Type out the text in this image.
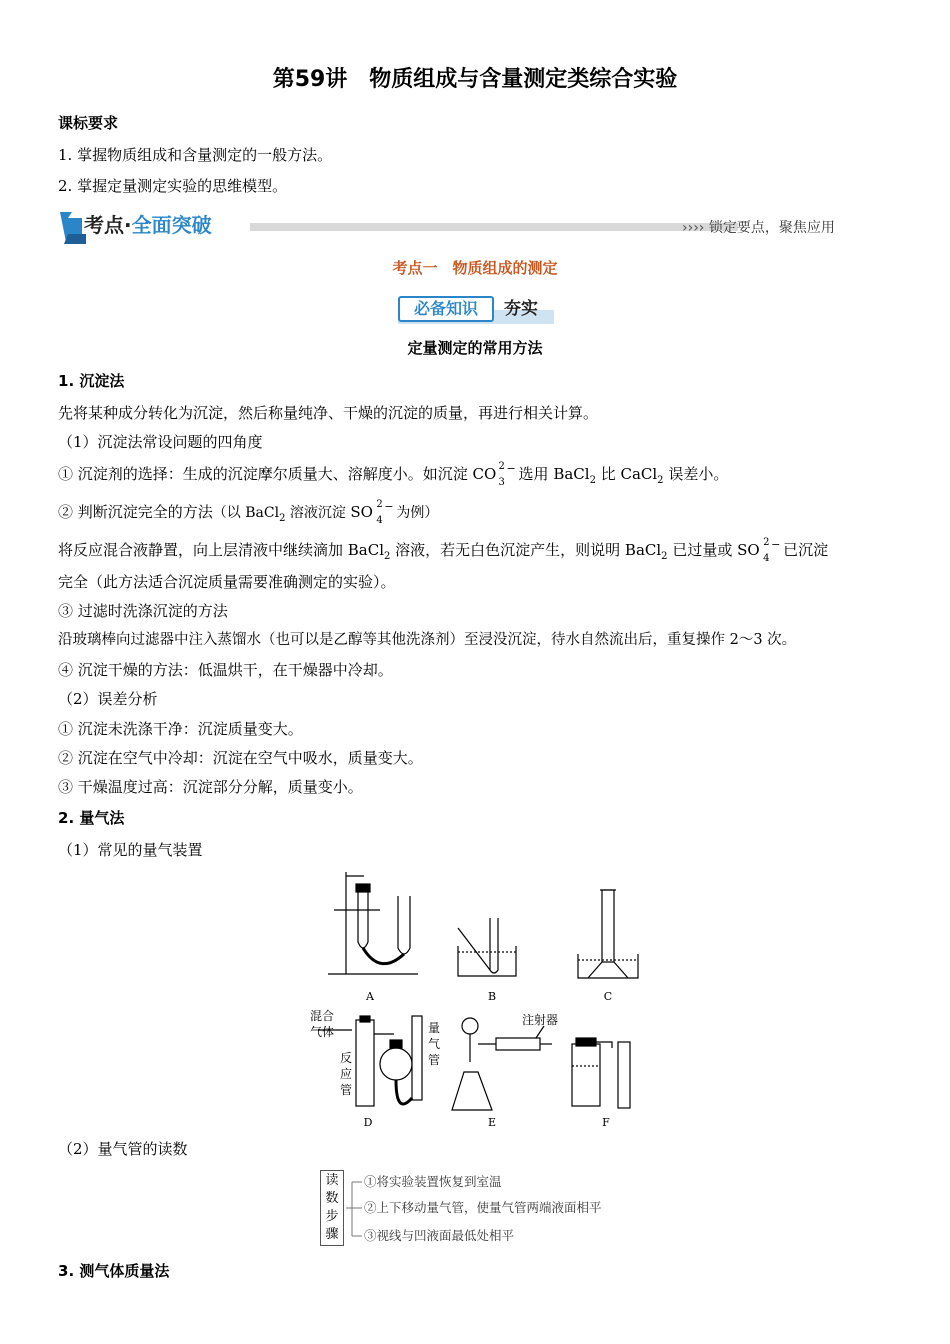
第59讲　物质组成与含量测定类综合实验
课标要求
1. 掌握物质组成和含量测定的一般方法。
2. 掌握定量测定实验的思维模型。
考点·全面突破	›››› 锁定要点，聚焦应用
考点一　物质组成的测定
必备知识	夯实
定量测定的常用方法
1. 沉淀法
先将某种成分转化为沉淀，然后称量纯净、干燥的沉淀的质量，再进行相关计算。
（1）沉淀法常设问题的四角度
① 沉淀剂的选择：生成的沉淀摩尔质量大、溶解度小。如沉淀 CO 2
3
− 选用 BaCl$_2$ 比 CaCl$_2$ 误差小。
② 判断沉淀完全的方法（以 BaCl$_2$ 溶液沉淀 SO 2
4
− 为例）
将反应混合液静置，向上层清液中继续滴加 BaCl$_2$ 溶液，若无白色沉淀产生，则说明 BaCl$_2$ 已过量或 SO 2
4
− 已沉淀
完全（此方法适合沉淀质量需要准确测定的实验）。
③ 过滤时洗涤沉淀的方法
沿玻璃棒向过滤器中注入蒸馏水（也可以是乙醇等其他洗涤剂）至浸没沉淀，待水自然流出后，重复操作 2～3 次。
④ 沉淀干燥的方法：低温烘干，在干燥器中冷却。
（2）误差分析
① 沉淀未洗涤干净：沉淀质量变大。
② 沉淀在空气中冷却：沉淀在空气中吸水，质量变大。
③ 干燥温度过高：沉淀部分分解，质量变小。
2. 量气法
（1）常见的量气装置
A	B	C
D	E	F
混合
气体
反
应
管
量
气
管
注射器
（2）量气管的读数
读
数
步
骤
①将实验装置恢复到室温
②上下移动量气管，使量气管两端液面相平
③视线与凹液面最低处相平
3. 测气体质量法
